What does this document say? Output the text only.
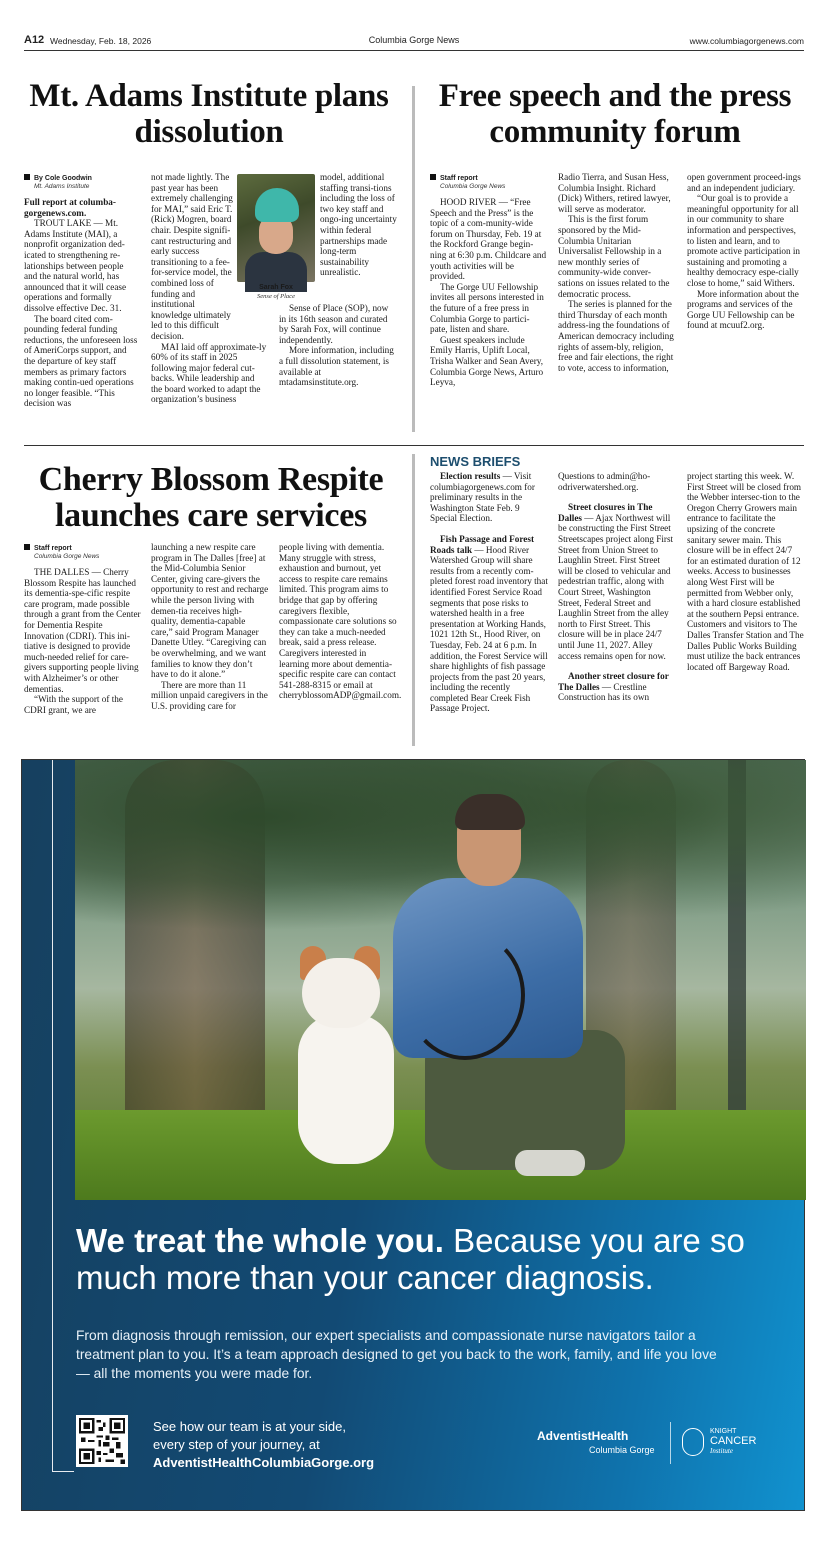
A12 Wednesday, Feb. 18, 2026	Columbia Gorge News	www.columbiagorgenews.com
Mt. Adams Institute plans dissolution
By Cole Goodwin
Mt. Adams Institute

Full report at columba-gorgenews.com.

TROUT LAKE — Mt. Adams Institute (MAI), a nonprofit organization ded-icated to strengthening re-lationships between people and the natural world, has announced that it will cease operations and formally dissolve effective Dec. 31.

The board cited com-pounding federal funding reductions, the unforeseen loss of AmeriCorps support, and the departure of key staff members as primary factors making contin-ued operations no longer feasible. “This decision was

not made lightly. The past year has been extremely challenging for MAI,” said Eric T. (Rick) Mogren, board chair. Despite signifi-cant restructuring and early success transitioning to a fee-for-service model, the combined loss of funding and institutional knowledge ultimately led to this difficult decision.

MAI laid off approximate-ly 60% of its staff in 2025 following major federal cut-backs. While leadership and the board worked to adapt the organization’s business

Sarah Fox
Sense of Place

model, additional staffing transi-tions including the loss of two key staff and ongo-ing uncertainty within federal partnerships made long-term sustainability unrealistic.

Sense of Place (SOP), now in its 16th season and curated by Sarah Fox, will continue independently.

More information, including a full dissolution statement, is available at mtadamsinstitute.org.

Free speech and the press community forum
Staff report
Columbia Gorge News

HOOD RIVER — “Free Speech and the Press” is the topic of a com-munity-wide forum on Thursday, Feb. 19 at the Rockford Grange begin-ning at 6:30 p.m. Childcare and youth activities will be provided.

The Gorge UU Fellowship invites all persons interested in the future of a free press in Columbia Gorge to partici-pate, listen and share.

Guest speakers include Emily Harris, Uplift Local, Trisha Walker and Sean Avery, Columbia Gorge News, Arturo Leyva,

Radio Tierra, and Susan Hess, Columbia Insight. Richard (Dick) Withers, retired lawyer, will serve as moderator.

This is the first forum sponsored by the Mid-Columbia Unitarian Universalist Fellowship in a new monthly series of community-wide conver-sations on issues related to the democratic process.

The series is planned for the third Thursday of each month address-ing the foundations of American democracy including rights of assem-bly, religion, free and fair elections, the right to vote, access to information,

open government proceed-ings and an independent judiciary.

“Our goal is to provide a meaningful opportunity for all in our community to share information and perspectives, to listen and learn, and to promote active participation in sustaining and promoting a healthy democracy espe-cially close to home,” said Withers.

More information about the programs and services of the Gorge UU Fellowship can be found at mcuuf2.org.

Cherry Blossom Respite launches care services
Staff report
Columbia Gorge News

THE DALLES — Cherry Blossom Respite has launched its dementia-spe-cific respite care program, made possible through a grant from the Center for Dementia Respite Innovation (CDRI). This ini-tiative is designed to provide much-needed relief for care-givers supporting people living with Alzheimer’s or other dementias.

“With the support of the CDRI grant, we are

launching a new respite care program in The Dalles [free] at the Mid-Columbia Senior Center, giving care-givers the opportunity to rest and recharge while the person living with demen-tia receives high-quality, dementia-capable care,” said Program Manager Danette Utley. “Caregiving can be overwhelming, and we want families to know they don’t have to do it alone.”

There are more than 11 million unpaid caregivers in the U.S. providing care for

people living with dementia. Many struggle with stress, exhaustion and burnout, yet access to respite care remains limited. This program aims to bridge that gap by offering caregivers flexible, compassionate care solutions so they can take a much-needed break, said a press release. Caregivers interested in learning more about dementia-specific respite care can contact 541-288-8315 or email at cherryblossomADP@gmail.com.

NEWS BRIEFS

Election results — Visit columbiagorgenews.com for preliminary results in the Washington State Feb. 9 Special Election.

Fish Passage and Forest Roads talk — Hood River Watershed Group will share results from a recently com-pleted forest road inventory that identified Forest Service Road segments that pose risks to watershed health in a free presentation at Working Hands, 1021 12th St., Hood River, on Tuesday, Feb. 24 at 6 p.m. In addition, the Forest Service will share highlights of fish passage projects from the past 20 years, including the recently completed Bear Creek Fish Passage Project.

Questions to admin@ho-odriverwatershed.org.

Street closures in The Dalles — Ajax Northwest will be constructing the First Street Streetscapes project along First Street from Union Street to Laughlin Street. First Street will be closed to vehicular and pedestrian traffic, along with Court Street, Washington Street, Federal Street and Laughlin Street from the alley north to First Street. This closure will be in place 24/7 until June 11, 2027. Alley access remains open for now.

Another street closure for The Dalles — Crestline Construction has its own

project starting this week. W. First Street will be closed from the Webber intersec-tion to the Oregon Cherry Growers main entrance to facilitate the upsizing of the concrete sanitary sewer main. This closure will be in effect 24/7 for an estimated duration of 12 weeks. Access to businesses along West First will be permitted from Webber only, with a hard closure established at the southern Pepsi entrance. Customers and visitors to The Dalles Transfer Station and The Dalles Public Works Building must utilize the back entrances located off Bargeway Road.

We treat the whole you. Because you are so much more than your cancer diagnosis.
From diagnosis through remission, our expert specialists and compassionate nurse navigators tailor a treatment plan to you. It’s a team approach designed to get you back to the work, family, and life you love — all the moments you were made for.
See how our team is at your side,
every step of your journey, at
AdventistHealthColumbiaGorge.org
AdventistHealth
Columbia Gorge
KNIGHT
CANCER
Institute
